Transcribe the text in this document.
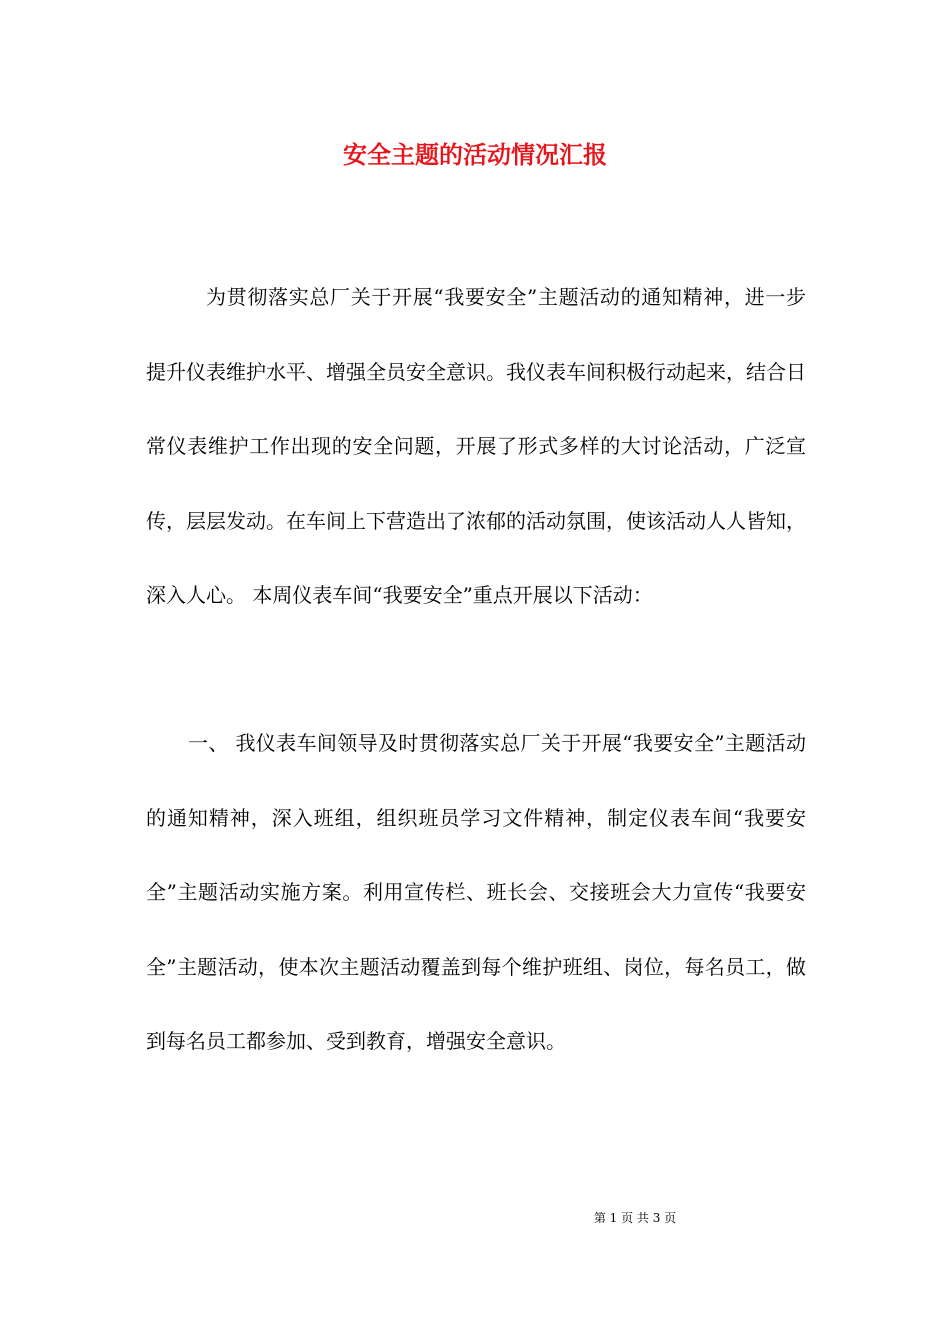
安全主题的活动情况汇报

为贯彻落实总厂关于开展“我要安全”主题活动的通知精神，进一步提升仪表维护水平、增强全员安全意识。我仪表车间积极行动起来，结合日常仪表维护工作出现的安全问题，开展了形式多样的大讨论活动，广泛宣传，层层发动。在车间上下营造出了浓郁的活动氛围，使该活动人人皆知，深入人心。 本周仪表车间“我要安全”重点开展以下活动：

一、 我仪表车间领导及时贯彻落实总厂关于开展“我要安全”主题活动的通知精神，深入班组，组织班员学习文件精神，制定仪表车间“我要安全”主题活动实施方案。利用宣传栏、班长会、交接班会大力宣传“我要安全”主题活动，使本次主题活动覆盖到每个维护班组、岗位，每名员工，做到每名员工都参加、受到教育，增强安全意识。

第 1 页 共 3 页
